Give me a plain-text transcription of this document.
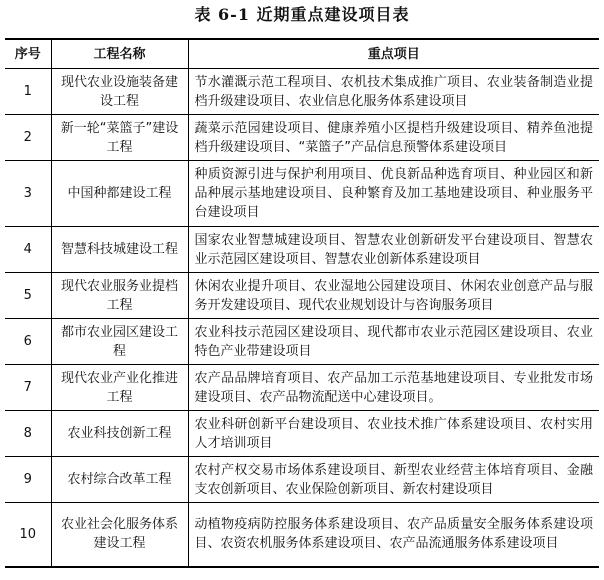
表 6-1 近期重点建设项目表
序号	工程名称	重点项目
1	现代农业设施装备建设工程	节水灌溉示范工程项目、农机技术集成推广项目、农业装备制造业提档升级建设项目、农业信息化服务体系建设项目
2	新一轮“菜篮子”建设工程	蔬菜示范园建设项目、健康养殖小区提档升级建设项目、精养鱼池提档升级建设项目、“菜篮子”产品信息预警体系建设项目
3	中国种都建设工程	种质资源引进与保护利用项目、优良新品种选育项目、种业园区和新品种展示基地建设项目、良种繁育及加工基地建设项目、种业服务平台建设项目
4	智慧科技城建设工程	国家农业智慧城建设项目、智慧农业创新研发平台建设项目、智慧农业示范园区建设项目、智慧农业创新体系建设项目
5	现代农业服务业提档工程	休闲农业提升项目、农业湿地公园建设项目、休闲农业创意产品与服务开发建设项目、现代农业规划设计与咨询服务项目
6	都市农业园区建设工程	农业科技示范园区建设项目、现代都市农业示范园区建设项目、农业特色产业带建设项目
7	现代农业产业化推进工程	农产品品牌培育项目、农产品加工示范基地建设项目、专业批发市场建设项目、农产品物流配送中心建设项目。
8	农业科技创新工程	农业科研创新平台建设项目、农业技术推广体系建设项目、农村实用人才培训项目
9	农村综合改革工程	农村产权交易市场体系建设项目、新型农业经营主体培育项目、金融支农创新项目、农业保险创新项目、新农村建设项目
10	农业社会化服务体系建设工程	动植物疫病防控服务体系建设项目、农产品质量安全服务体系建设项目、农资农机服务体系建设项目、农产品流通服务体系建设项目
